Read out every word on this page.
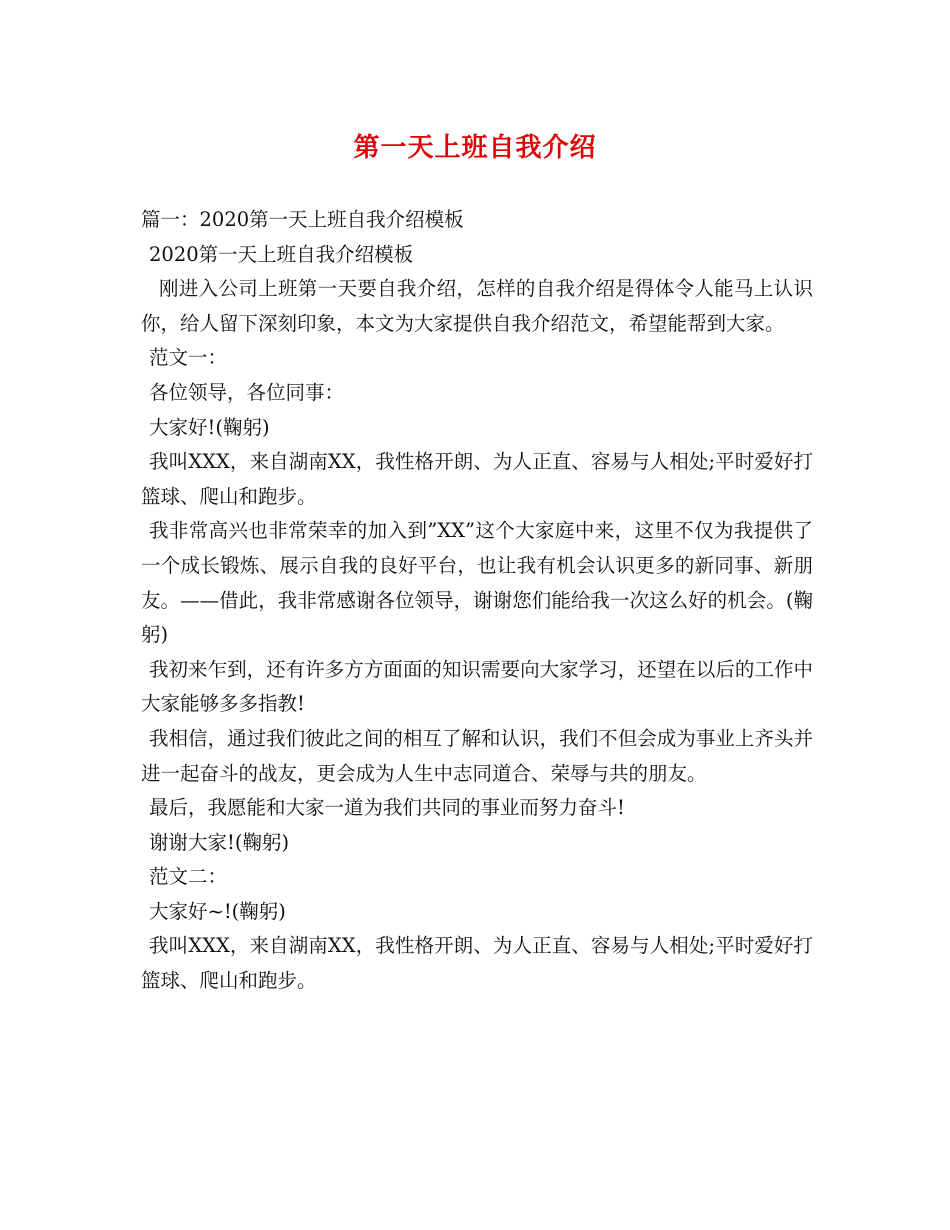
第一天上班自我介绍

篇一：2020第一天上班自我介绍模板

2020第一天上班自我介绍模板

刚进入公司上班第一天要自我介绍，怎样的自我介绍是得体令人能马上认识你，给人留下深刻印象，本文为大家提供自我介绍范文，希望能帮到大家。

范文一：

各位领导，各位同事：

大家好!(鞠躬)

我叫XXX，来自湖南XX，我性格开朗、为人正直、容易与人相处;平时爱好打篮球、爬山和跑步。

我非常高兴也非常荣幸的加入到”XX”这个大家庭中来，这里不仅为我提供了一个成长锻炼、展示自我的良好平台，也让我有机会认识更多的新同事、新朋友。——借此，我非常感谢各位领导，谢谢您们能给我一次这么好的机会。(鞠躬)

我初来乍到，还有许多方方面面的知识需要向大家学习，还望在以后的工作中大家能够多多指教!

我相信，通过我们彼此之间的相互了解和认识，我们不但会成为事业上齐头并进一起奋斗的战友，更会成为人生中志同道合、荣辱与共的朋友。

最后，我愿能和大家一道为我们共同的事业而努力奋斗!

谢谢大家!(鞠躬)

范文二：

大家好~!(鞠躬)

我叫XXX，来自湖南XX，我性格开朗、为人正直、容易与人相处;平时爱好打篮球、爬山和跑步。
